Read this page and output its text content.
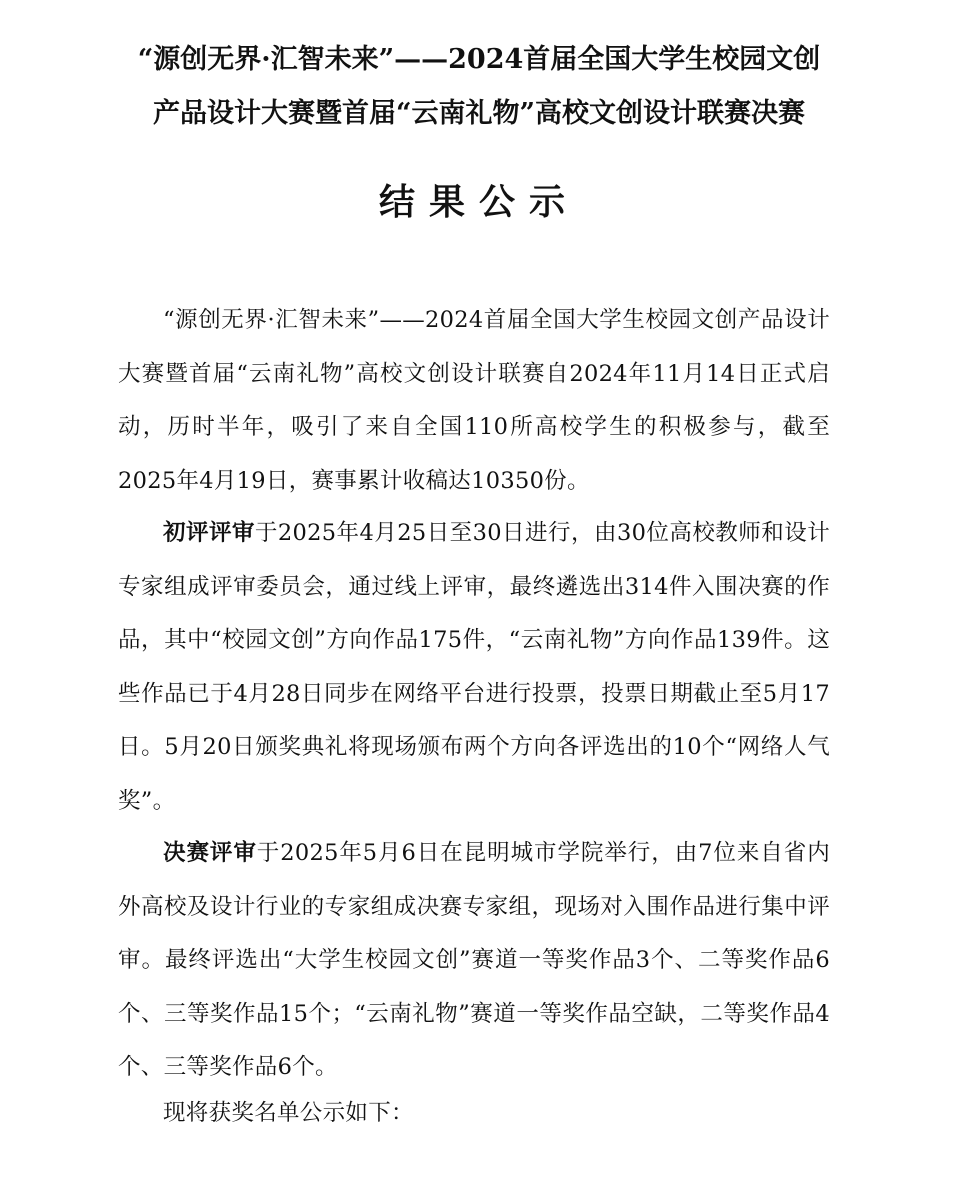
“源创无界·汇智未来”——2024首届全国大学生校园文创
产品设计大赛暨首届“云南礼物”高校文创设计联赛决赛
结果公示
“源创无界·汇智未来”——2024首届全国大学生校园文创产品设计大赛暨首届“云南礼物”高校文创设计联赛自2024年11月14日正式启动，历时半年，吸引了来自全国110所高校学生的积极参与，截至2025年4月19日，赛事累计收稿达10350份。
初评评审于2025年4月25日至30日进行，由30位高校教师和设计专家组成评审委员会，通过线上评审，最终遴选出314件入围决赛的作品，其中“校园文创”方向作品175件，“云南礼物”方向作品139件。这些作品已于4月28日同步在网络平台进行投票，投票日期截止至5月17日。5月20日颁奖典礼将现场颁布两个方向各评选出的10个“网络人气奖”。
决赛评审于2025年5月6日在昆明城市学院举行，由7位来自省内外高校及设计行业的专家组成决赛专家组，现场对入围作品进行集中评审。最终评选出“大学生校园文创”赛道一等奖作品3个、二等奖作品6个、三等奖作品15个；“云南礼物”赛道一等奖作品空缺，二等奖作品4个、三等奖作品6个。
现将获奖名单公示如下：
